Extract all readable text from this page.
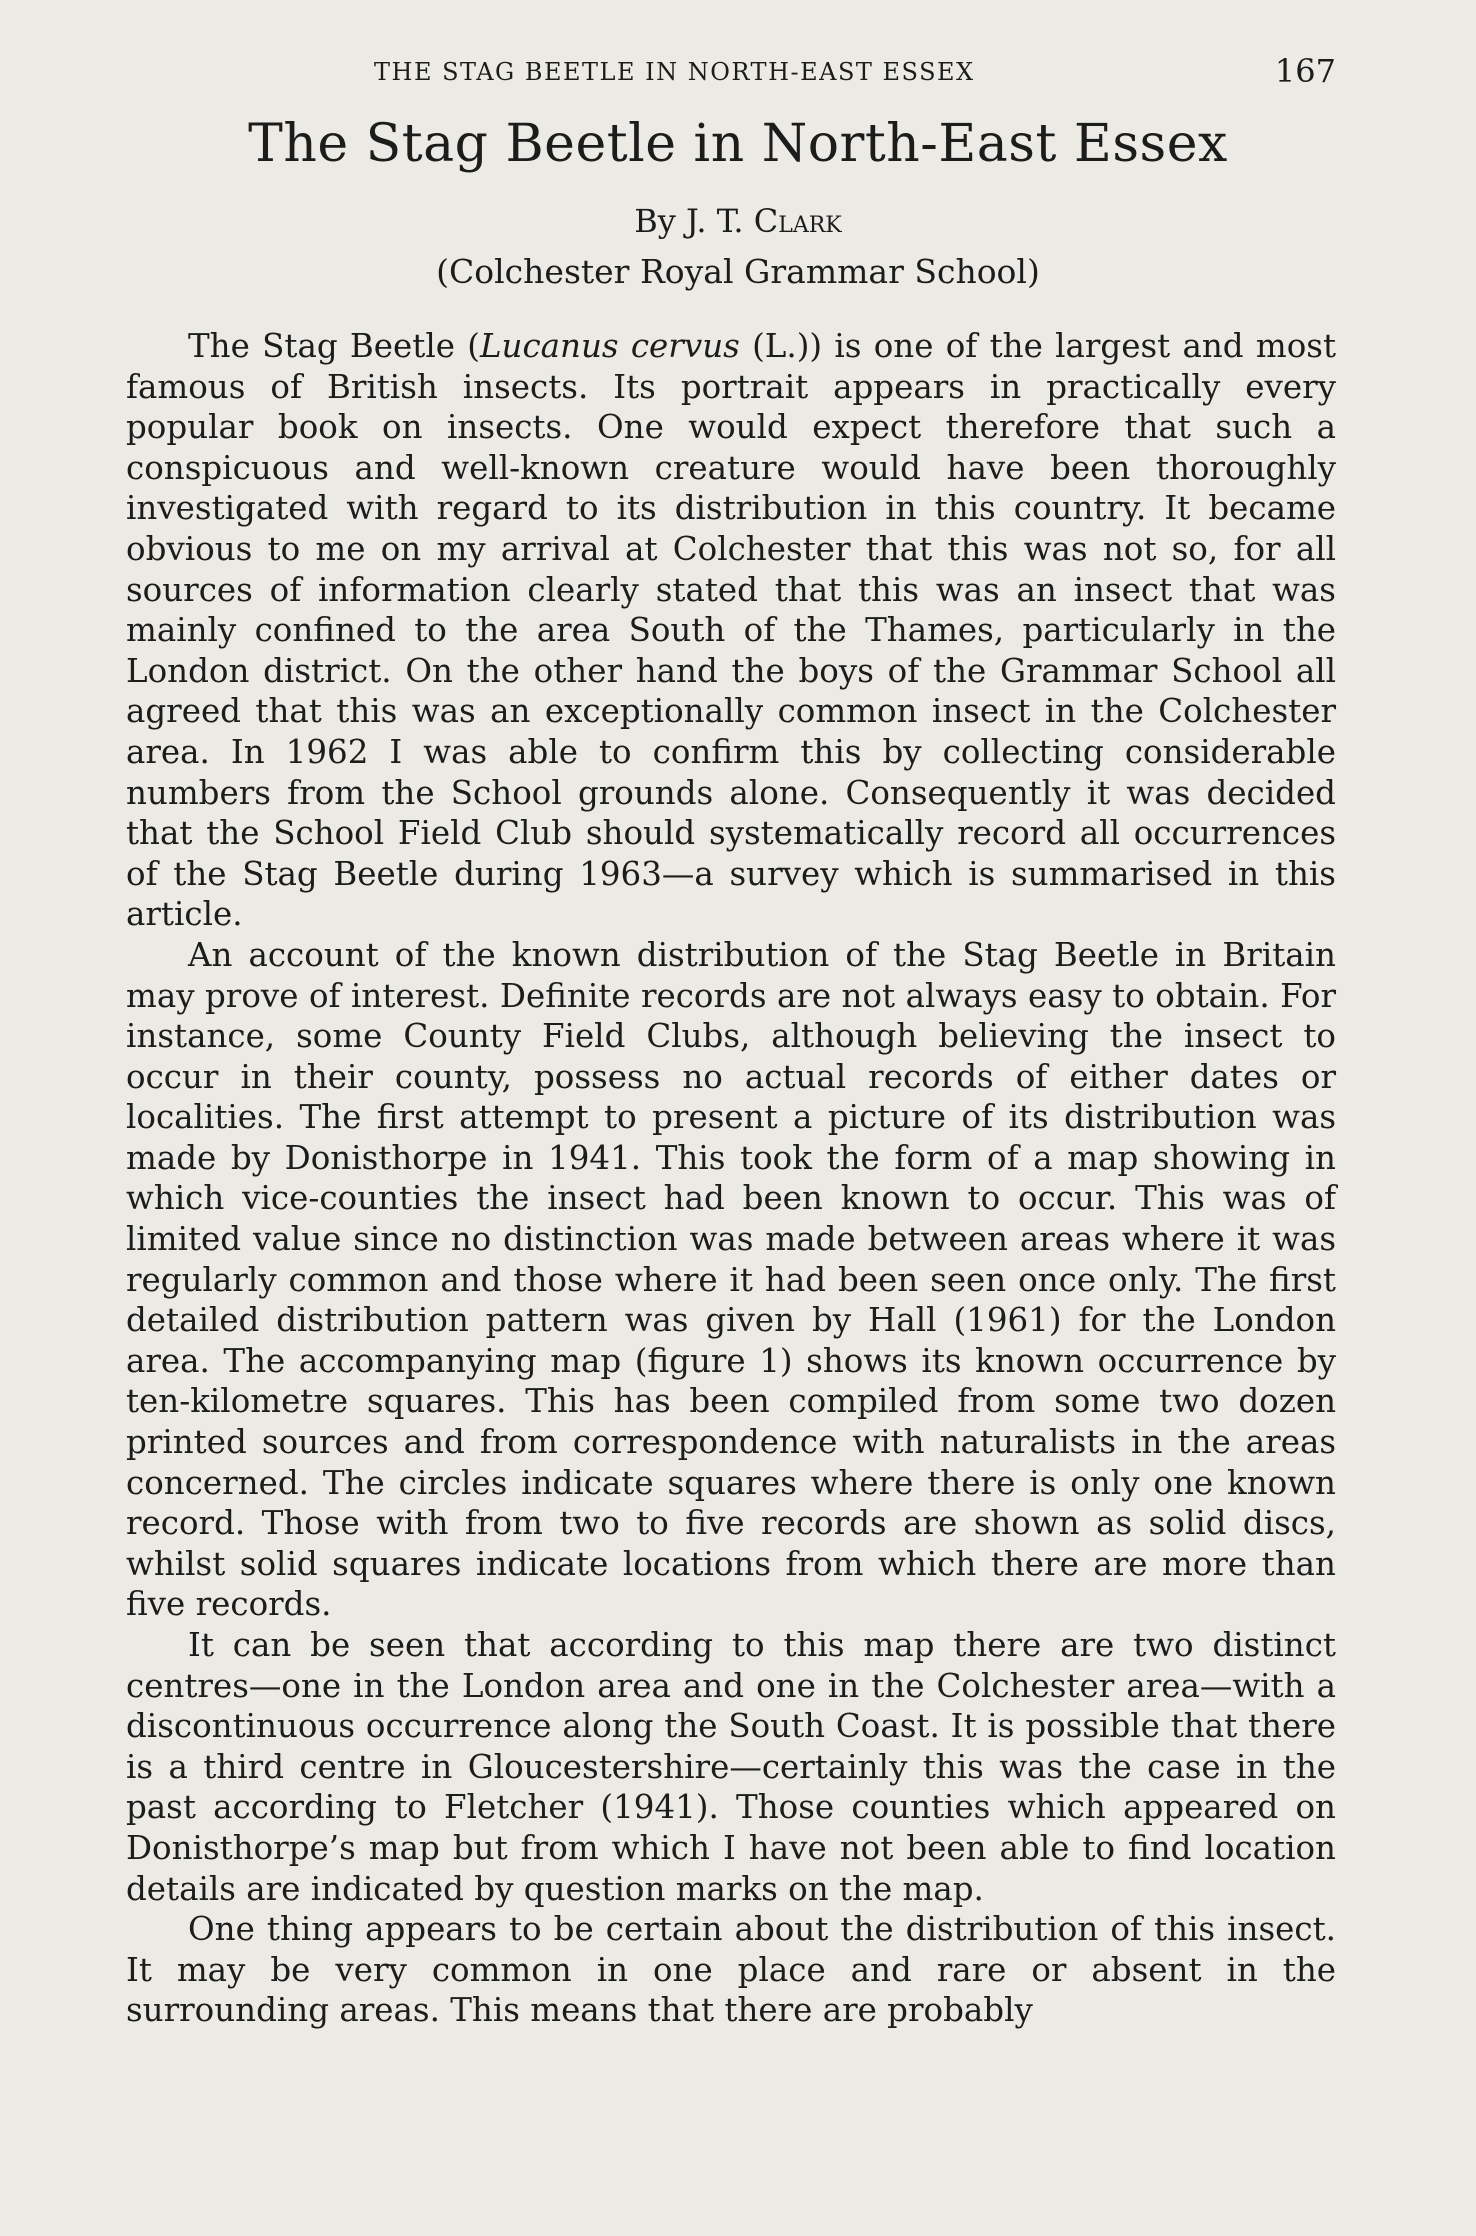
THE STAG BEETLE IN NORTH-EAST ESSEX	167
The Stag Beetle in North-East Essex
By J. T. Clark
(Colchester Royal Grammar School)

The Stag Beetle (Lucanus cervus (L.)) is one of the largest and most famous of British insects. Its portrait appears in practically every popular book on insects. One would expect therefore that such a conspicuous and well-known creature would have been thoroughly investigated with regard to its distribution in this country. It became obvious to me on my arrival at Colchester that this was not so, for all sources of information clearly stated that this was an insect that was mainly confined to the area South of the Thames, particularly in the London district. On the other hand the boys of the Grammar School all agreed that this was an exceptionally common insect in the Colchester area. In 1962 I was able to confirm this by collecting considerable numbers from the School grounds alone. Consequently it was decided that the School Field Club should systematically record all occurrences of the Stag Beetle during 1963—a survey which is summarised in this article.

An account of the known distribution of the Stag Beetle in Britain may prove of interest. Definite records are not always easy to obtain. For instance, some County Field Clubs, although believing the insect to occur in their county, possess no actual records of either dates or localities. The first attempt to present a picture of its distribution was made by Donisthorpe in 1941. This took the form of a map showing in which vice-counties the insect had been known to occur. This was of limited value since no distinction was made between areas where it was regularly common and those where it had been seen once only. The first detailed distribution pattern was given by Hall (1961) for the London area. The accompanying map (figure 1) shows its known occurrence by ten-kilometre squares. This has been compiled from some two dozen printed sources and from correspondence with naturalists in the areas concerned. The circles indicate squares where there is only one known record. Those with from two to five records are shown as solid discs, whilst solid squares indicate locations from which there are more than five records.

It can be seen that according to this map there are two distinct centres—one in the London area and one in the Colchester area—with a discontinuous occurrence along the South Coast. It is possible that there is a third centre in Gloucestershire—certainly this was the case in the past according to Fletcher (1941). Those counties which appeared on Donisthorpe’s map but from which I have not been able to find location details are indicated by question marks on the map.

One thing appears to be certain about the distribution of this insect. It may be very common in one place and rare or absent in the surrounding areas. This means that there are probably
